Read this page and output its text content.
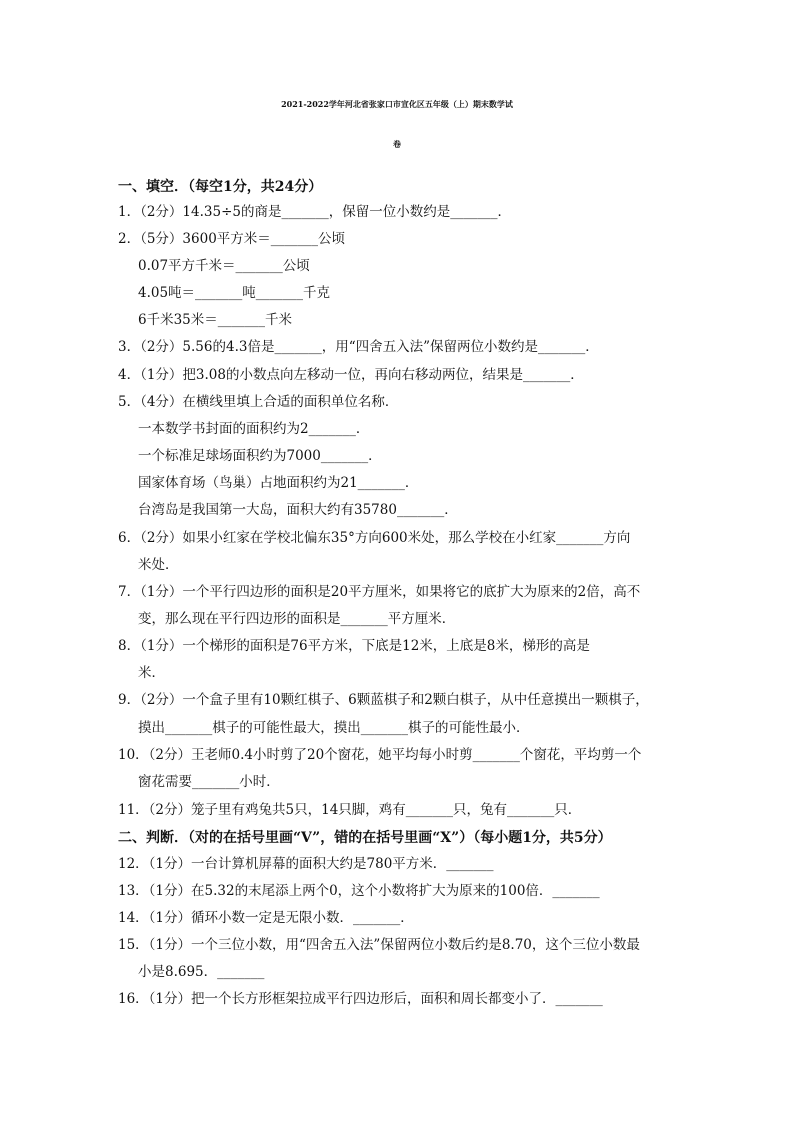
2021-2022学年河北省张家口市宣化区五年级（上）期末数学试
卷
一、填空．（每空1分，共24分）
1．（2分）14.35÷5的商是_______，保留一位小数约是_______．
2．（5分）3600平方米＝_______公顷
0.07平方千米＝_______公顷
4.05吨＝_______吨_______千克
6千米35米＝_______千米
3．（2分）5.56的4.3倍是_______，用“四舍五入法”保留两位小数约是_______．
4．（1分）把3.08的小数点向左移动一位，再向右移动两位，结果是_______．
5．（4分）在横线里填上合适的面积单位名称．
一本数学书封面的面积约为2_______．
一个标准足球场面积约为7000_______．
国家体育场（鸟巢）占地面积约为21_______．
台湾岛是我国第一大岛，面积大约有35780_______．
6．（2分）如果小红家在学校北偏东35°方向600米处，那么学校在小红家_______方向
米处．
7．（1分）一个平行四边形的面积是20平方厘米，如果将它的底扩大为原来的2倍，高不
变，那么现在平行四边形的面积是_______平方厘米．
8．（1分）一个梯形的面积是76平方米，下底是12米，上底是8米，梯形的高是
米．
9．（2分）一个盒子里有10颗红棋子、6颗蓝棋子和2颗白棋子，从中任意摸出一颗棋子，
摸出_______棋子的可能性最大，摸出_______棋子的可能性最小．
10．（2分）王老师0.4小时剪了20个窗花，她平均每小时剪_______个窗花，平均剪一个
窗花需要_______小时．
11．（2分）笼子里有鸡兔共5只，14只脚，鸡有_______只，兔有_______只．
二、判断．（对的在括号里画“V”，错的在括号里画“X”）（每小题1分，共5分）
12．（1分）一台计算机屏幕的面积大约是780平方米．_______
13．（1分）在5.32的末尾添上两个0，这个小数将扩大为原来的100倍．_______
14．（1分）循环小数一定是无限小数．_______．
15．（1分）一个三位小数，用“四舍五入法”保留两位小数后约是8.70，这个三位小数最
小是8.695．_______
16．（1分）把一个长方形框架拉成平行四边形后，面积和周长都变小了．_______
